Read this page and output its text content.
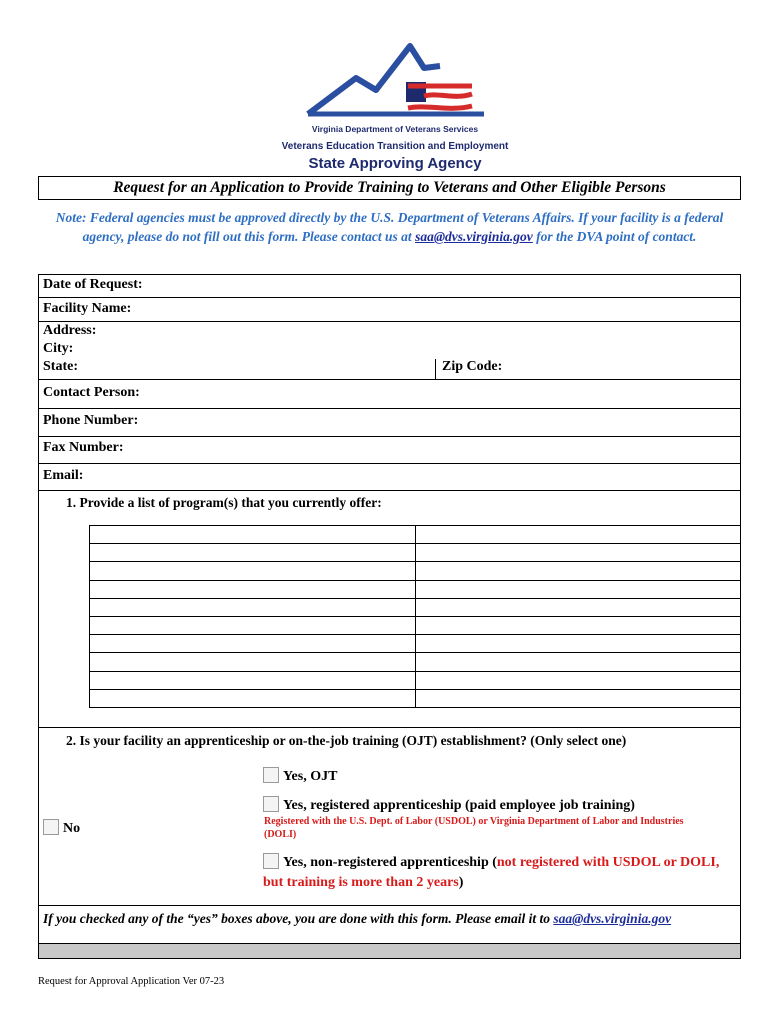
Virginia Department of Veterans Services
Veterans Education Transition and Employment
State Approving Agency
Request for an Application to Provide Training to Veterans and Other Eligible Persons
Note: Federal agencies must be approved directly by the U.S. Department of Veterans Affairs. If your facility is a federal agency, please do not fill out this form. Please contact us at saa@dvs.virginia.gov for the DVA point of contact.
Date of Request:
Facility Name:
Address:
City:
State:	Zip Code:
Contact Person:
Phone Number:
Fax Number:
Email:
1. Provide a list of program(s) that you currently offer:

2. Is your facility an apprenticeship or on-the-job training (OJT) establishment? (Only select one)
Yes, OJT
Yes, registered apprenticeship (paid employee job training)
Registered with the U.S. Dept. of Labor (USDOL) or Virginia Department of Labor and Industries (DOLI)
No
Yes, non-registered apprenticeship (not registered with USDOL or DOLI, but training is more than 2 years)
If you checked any of the “yes” boxes above, you are done with this form. Please email it to saa@dvs.virginia.gov
Request for Approval Application Ver 07-23
